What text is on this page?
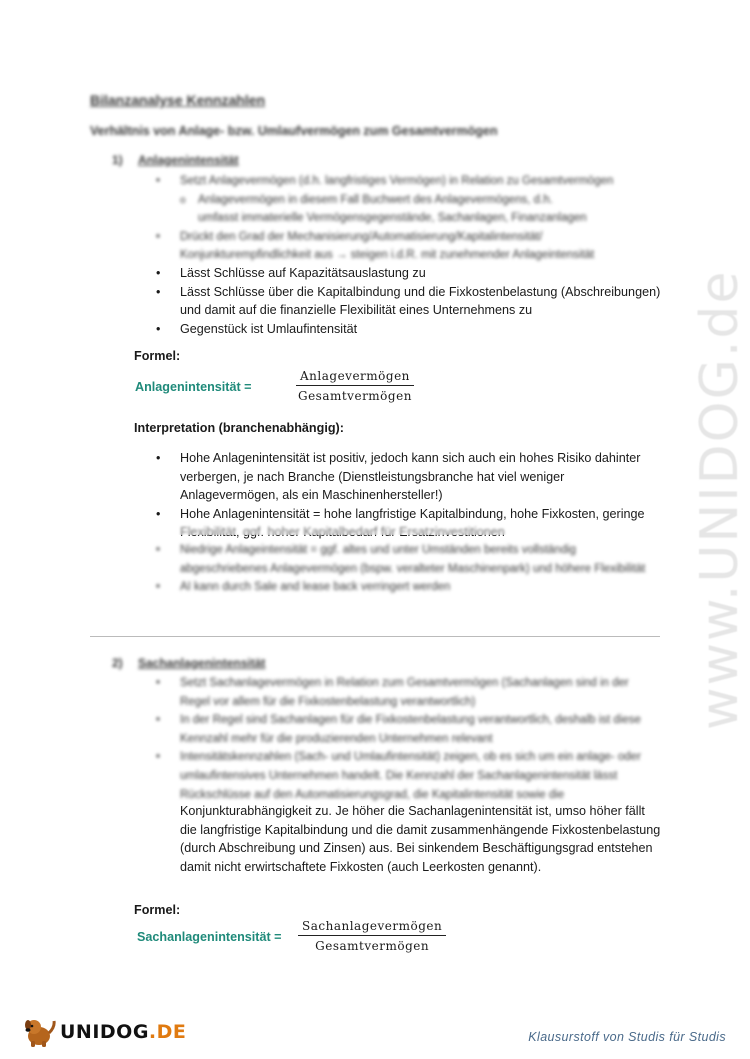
Bilanzanalyse Kennzahlen
Verhältnis von Anlage- bzw. Umlaufvermögen zum Gesamtvermögen
1) Anlagenintensität
• Setzt Anlagevermögen (d.h. langfristiges Vermögen) in Relation zu Gesamtvermögen
o Anlagevermögen in diesem Fall Buchwert des Anlagevermögens, d.h.
umfasst immaterielle Vermögensgegenstände, Sachanlagen, Finanzanlagen
• Drückt den Grad der Mechanisierung/Automatisierung/Kapitalintensität/
Konjunkturempfindlichkeit aus → steigen i.d.R. mit zunehmender Anlageintensität
• Lässt Schlüsse auf Kapazitätsauslastung zu
• Lässt Schlüsse über die Kapitalbindung und die Fixkostenbelastung (Abschreibungen) und damit auf die finanzielle Flexibilität eines Unternehmens zu
• Gegenstück ist Umlaufintensität
Formel:
Anlagenintensität =
Anlagevermögen
Gesamtvermögen
Interpretation (branchenabhängig):
• Hohe Anlagenintensität ist positiv, jedoch kann sich auch ein hohes Risiko dahinter verbergen, je nach Branche (Dienstleistungsbranche hat viel weniger Anlagevermögen, als ein Maschinenhersteller!)
• Hohe Anlagenintensität = hohe langfristige Kapitalbindung, hohe Fixkosten, geringe Flexibilität, ggf. hoher Kapitalbedarf für Ersatzinvestitionen
• Niedrige Anlageintensität = ggf. altes und unter Umständen bereits vollständig abgeschriebenes Anlagevermögen (bspw. veralteter Maschinenpark) und höhere Flexibilität
• AI kann durch Sale and lease back verringert werden
2) Sachanlagenintensität
• Setzt Sachanlagevermögen in Relation zum Gesamtvermögen (Sachanlagen sind in der Regel vor allem für die Fixkostenbelastung verantwortlich)
• In der Regel sind Sachanlagen für die Fixkostenbelastung verantwortlich, deshalb ist diese Kennzahl mehr für die produzierenden Unternehmen relevant
• Intensitätskennzahlen (Sach- und Umlaufintensität) zeigen, ob es sich um ein anlage- oder umlaufintensives Unternehmen handelt. Die Kennzahl der Sachanlagenintensität lässt Rückschlüsse auf den Automatisierungsgrad, die Kapitalintensität sowie die
Konjunkturabhängigkeit zu. Je höher die Sachanlagenintensität ist, umso höher fällt die langfristige Kapitalbindung und die damit zusammenhängende Fixkostenbelastung (durch Abschreibung und Zinsen) aus. Bei sinkendem Beschäftigungsgrad entstehen damit nicht erwirtschaftete Fixkosten (auch Leerkosten genannt).
Formel:
Sachanlagenintensität =
Sachanlagevermögen
Gesamtvermögen
www.UNIDOG.de
UNIDOG.DE	Klausurstoff von Studis für Studis
